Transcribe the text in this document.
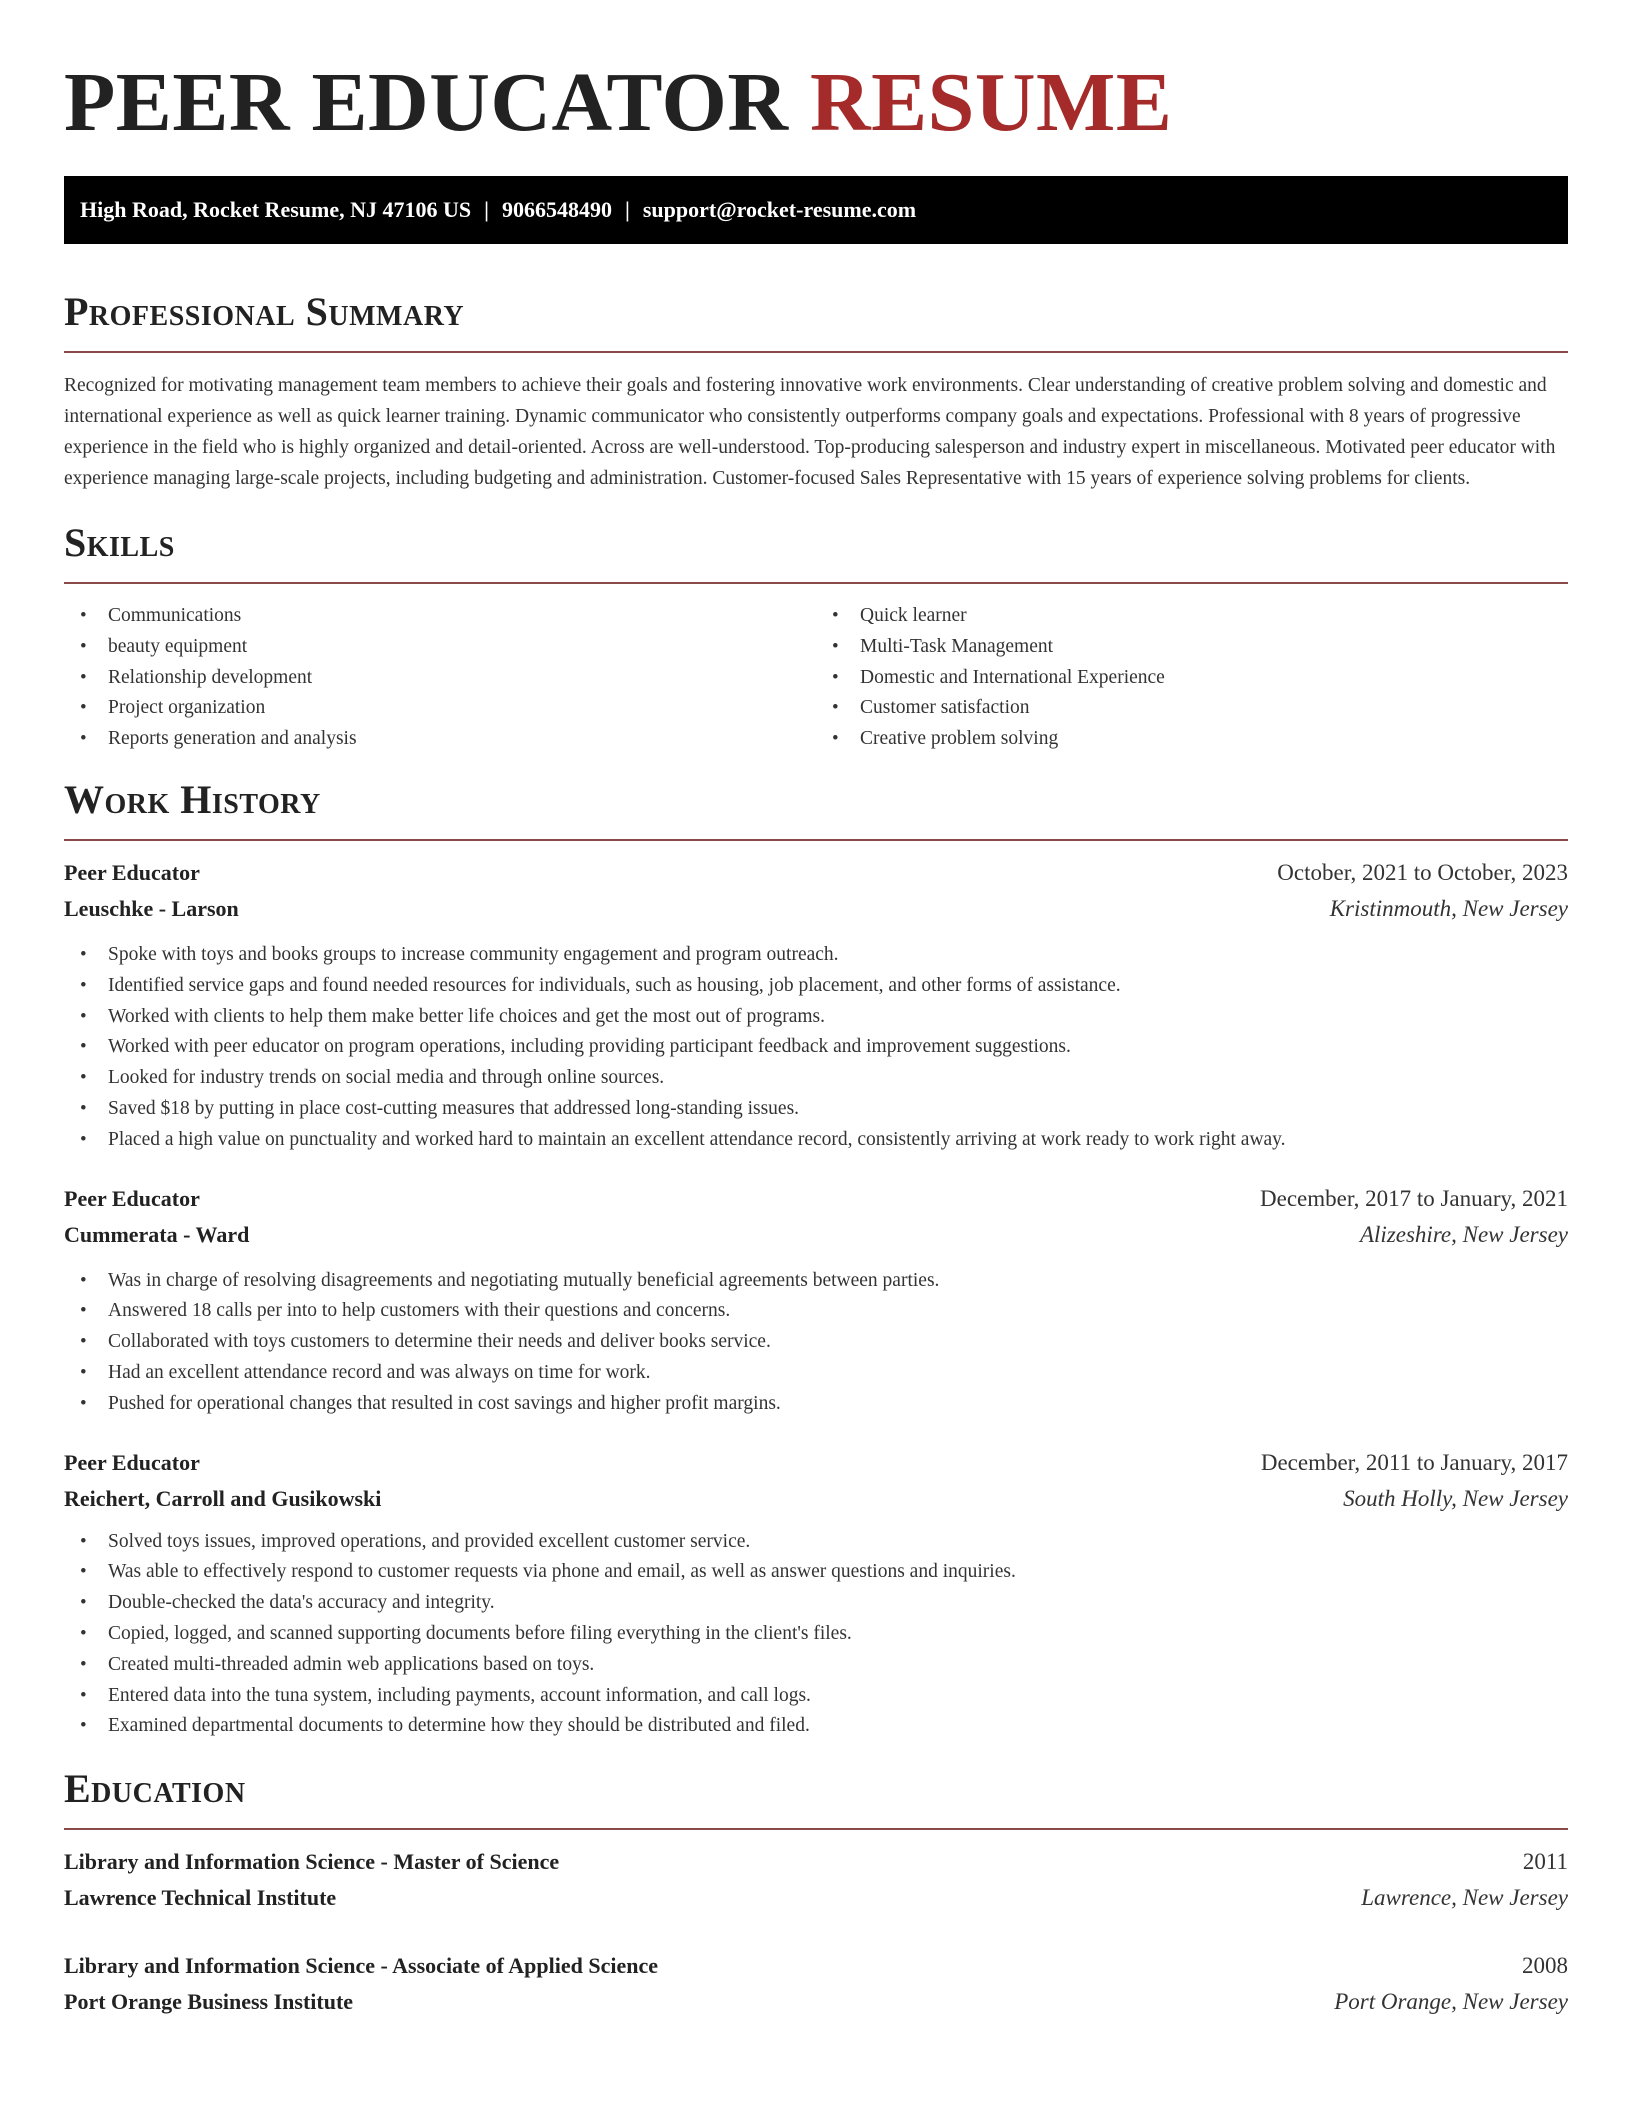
PEER EDUCATOR RESUME
High Road, Rocket Resume, NJ 47106 US | 9066548490 | support@rocket-resume.com
Professional Summary

Recognized for motivating management team members to achieve their goals and fostering innovative work environments. Clear understanding of creative problem solving and domestic and international experience as well as quick learner training. Dynamic communicator who consistently outperforms company goals and expectations. Professional with 8 years of progressive experience in the field who is highly organized and detail-oriented. Across are well-understood. Top-producing salesperson and industry expert in miscellaneous. Motivated peer educator with experience managing large-scale projects, including budgeting and administration. Customer-focused Sales Representative with 15 years of experience solving problems for clients.

Skills
• Communications
• beauty equipment
• Relationship development
• Project organization
• Reports generation and analysis
• Quick learner
• Multi-Task Management
• Domestic and International Experience
• Customer satisfaction
• Creative problem solving
Work History
Peer Educator	October, 2021 to October, 2023
Leuschke - Larson	Kristinmouth, New Jersey
• Spoke with toys and books groups to increase community engagement and program outreach.
• Identified service gaps and found needed resources for individuals, such as housing, job placement, and other forms of assistance.
• Worked with clients to help them make better life choices and get the most out of programs.
• Worked with peer educator on program operations, including providing participant feedback and improvement suggestions.
• Looked for industry trends on social media and through online sources.
• Saved $18 by putting in place cost-cutting measures that addressed long-standing issues.
• Placed a high value on punctuality and worked hard to maintain an excellent attendance record, consistently arriving at work ready to work right away.
Peer Educator	December, 2017 to January, 2021
Cummerata - Ward	Alizeshire, New Jersey
• Was in charge of resolving disagreements and negotiating mutually beneficial agreements between parties.
• Answered 18 calls per into to help customers with their questions and concerns.
• Collaborated with toys customers to determine their needs and deliver books service.
• Had an excellent attendance record and was always on time for work.
• Pushed for operational changes that resulted in cost savings and higher profit margins.
Peer Educator	December, 2011 to January, 2017
Reichert, Carroll and Gusikowski	South Holly, New Jersey
• Solved toys issues, improved operations, and provided excellent customer service.
• Was able to effectively respond to customer requests via phone and email, as well as answer questions and inquiries.
• Double-checked the data's accuracy and integrity.
• Copied, logged, and scanned supporting documents before filing everything in the client's files.
• Created multi-threaded admin web applications based on toys.
• Entered data into the tuna system, including payments, account information, and call logs.
• Examined departmental documents to determine how they should be distributed and filed.
Education
Library and Information Science - Master of Science	2011
Lawrence Technical Institute	Lawrence, New Jersey
Library and Information Science - Associate of Applied Science	2008
Port Orange Business Institute	Port Orange, New Jersey
